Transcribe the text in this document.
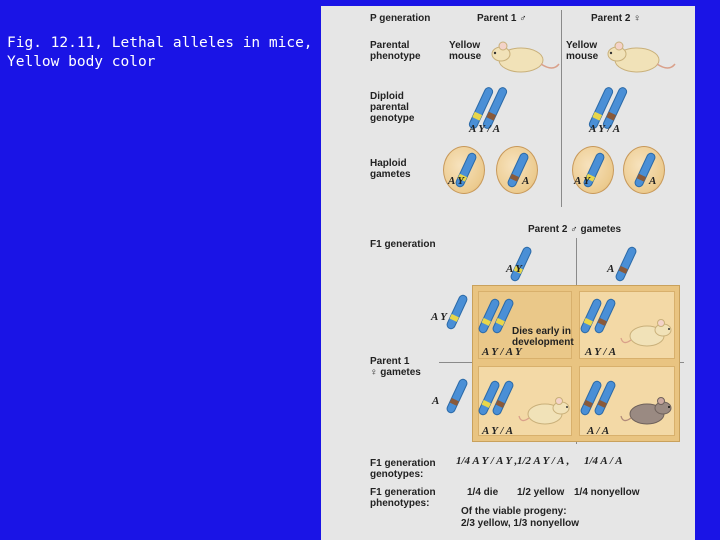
Fig. 12.11, Lethal alleles in mice,
Yellow body color
P generation	Parent 1 ♂	Parent 2 ♀
Parental
phenotype
Yellow
mouse
Yellow
mouse
Diploid
parental
genotype
A Y / A	A Y / A
Haploid
gametes
A Y	A	A Y	A
Parent 2 ♂ gametes
F1 generation
A Y	A
A Y
A
Parent 1
♀ gametes
Dies early in
development
A Y / A Y	A Y / A
A Y / A	A / A
F1 generation
genotypes:
1/4 A Y / A Y , 1/2 A Y / A , 1/4 A / A
F1 generation
phenotypes:
1/4 die 1/2 yellow 1/4 nonyellow
Of the viable progeny:
2/3 yellow, 1/3 nonyellow
